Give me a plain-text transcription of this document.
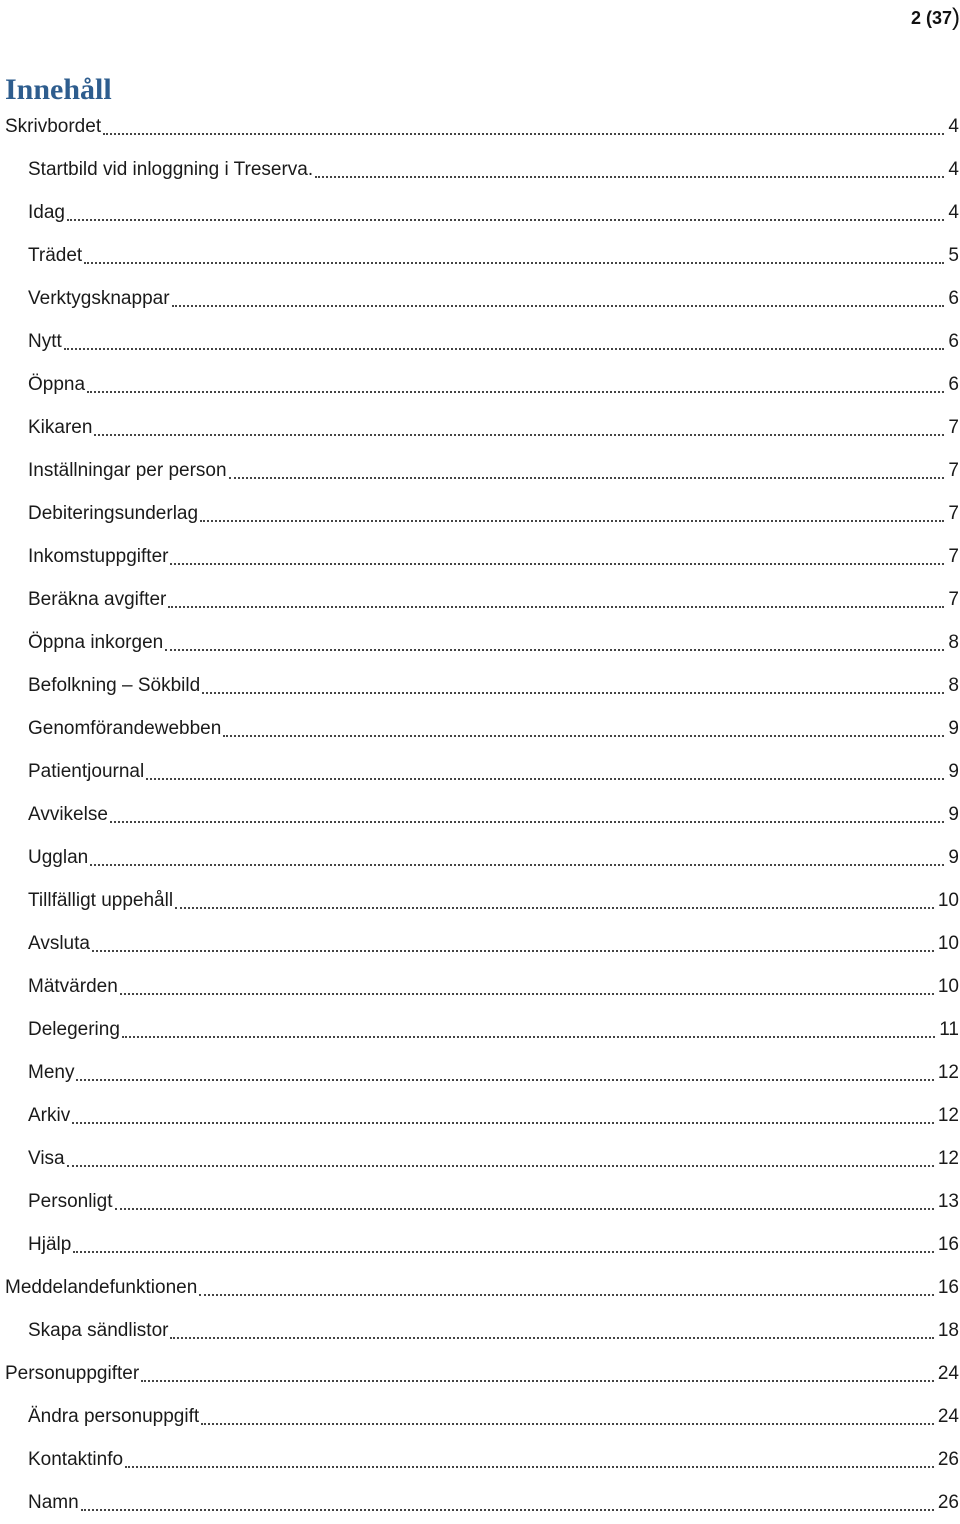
2 (37)
Innehåll
Skrivbordet	4
Startbild vid inloggning i Treserva.	4
Idag	4
Trädet	5
Verktygsknappar	6
Nytt	6
Öppna	6
Kikaren	7
Inställningar per person	7
Debiteringsunderlag	7
Inkomstuppgifter	7
Beräkna avgifter	7
Öppna inkorgen	8
Befolkning – Sökbild	8
Genomförandewebben	9
Patientjournal	9
Avvikelse	9
Ugglan	9
Tillfälligt uppehåll	10
Avsluta	10
Mätvärden	10
Delegering	11
Meny	12
Arkiv	12
Visa	12
Personligt	13
Hjälp	16
Meddelandefunktionen	16
Skapa sändlistor	18
Personuppgifter	24
Ändra personuppgift	24
Kontaktinfo	26
Namn	26
